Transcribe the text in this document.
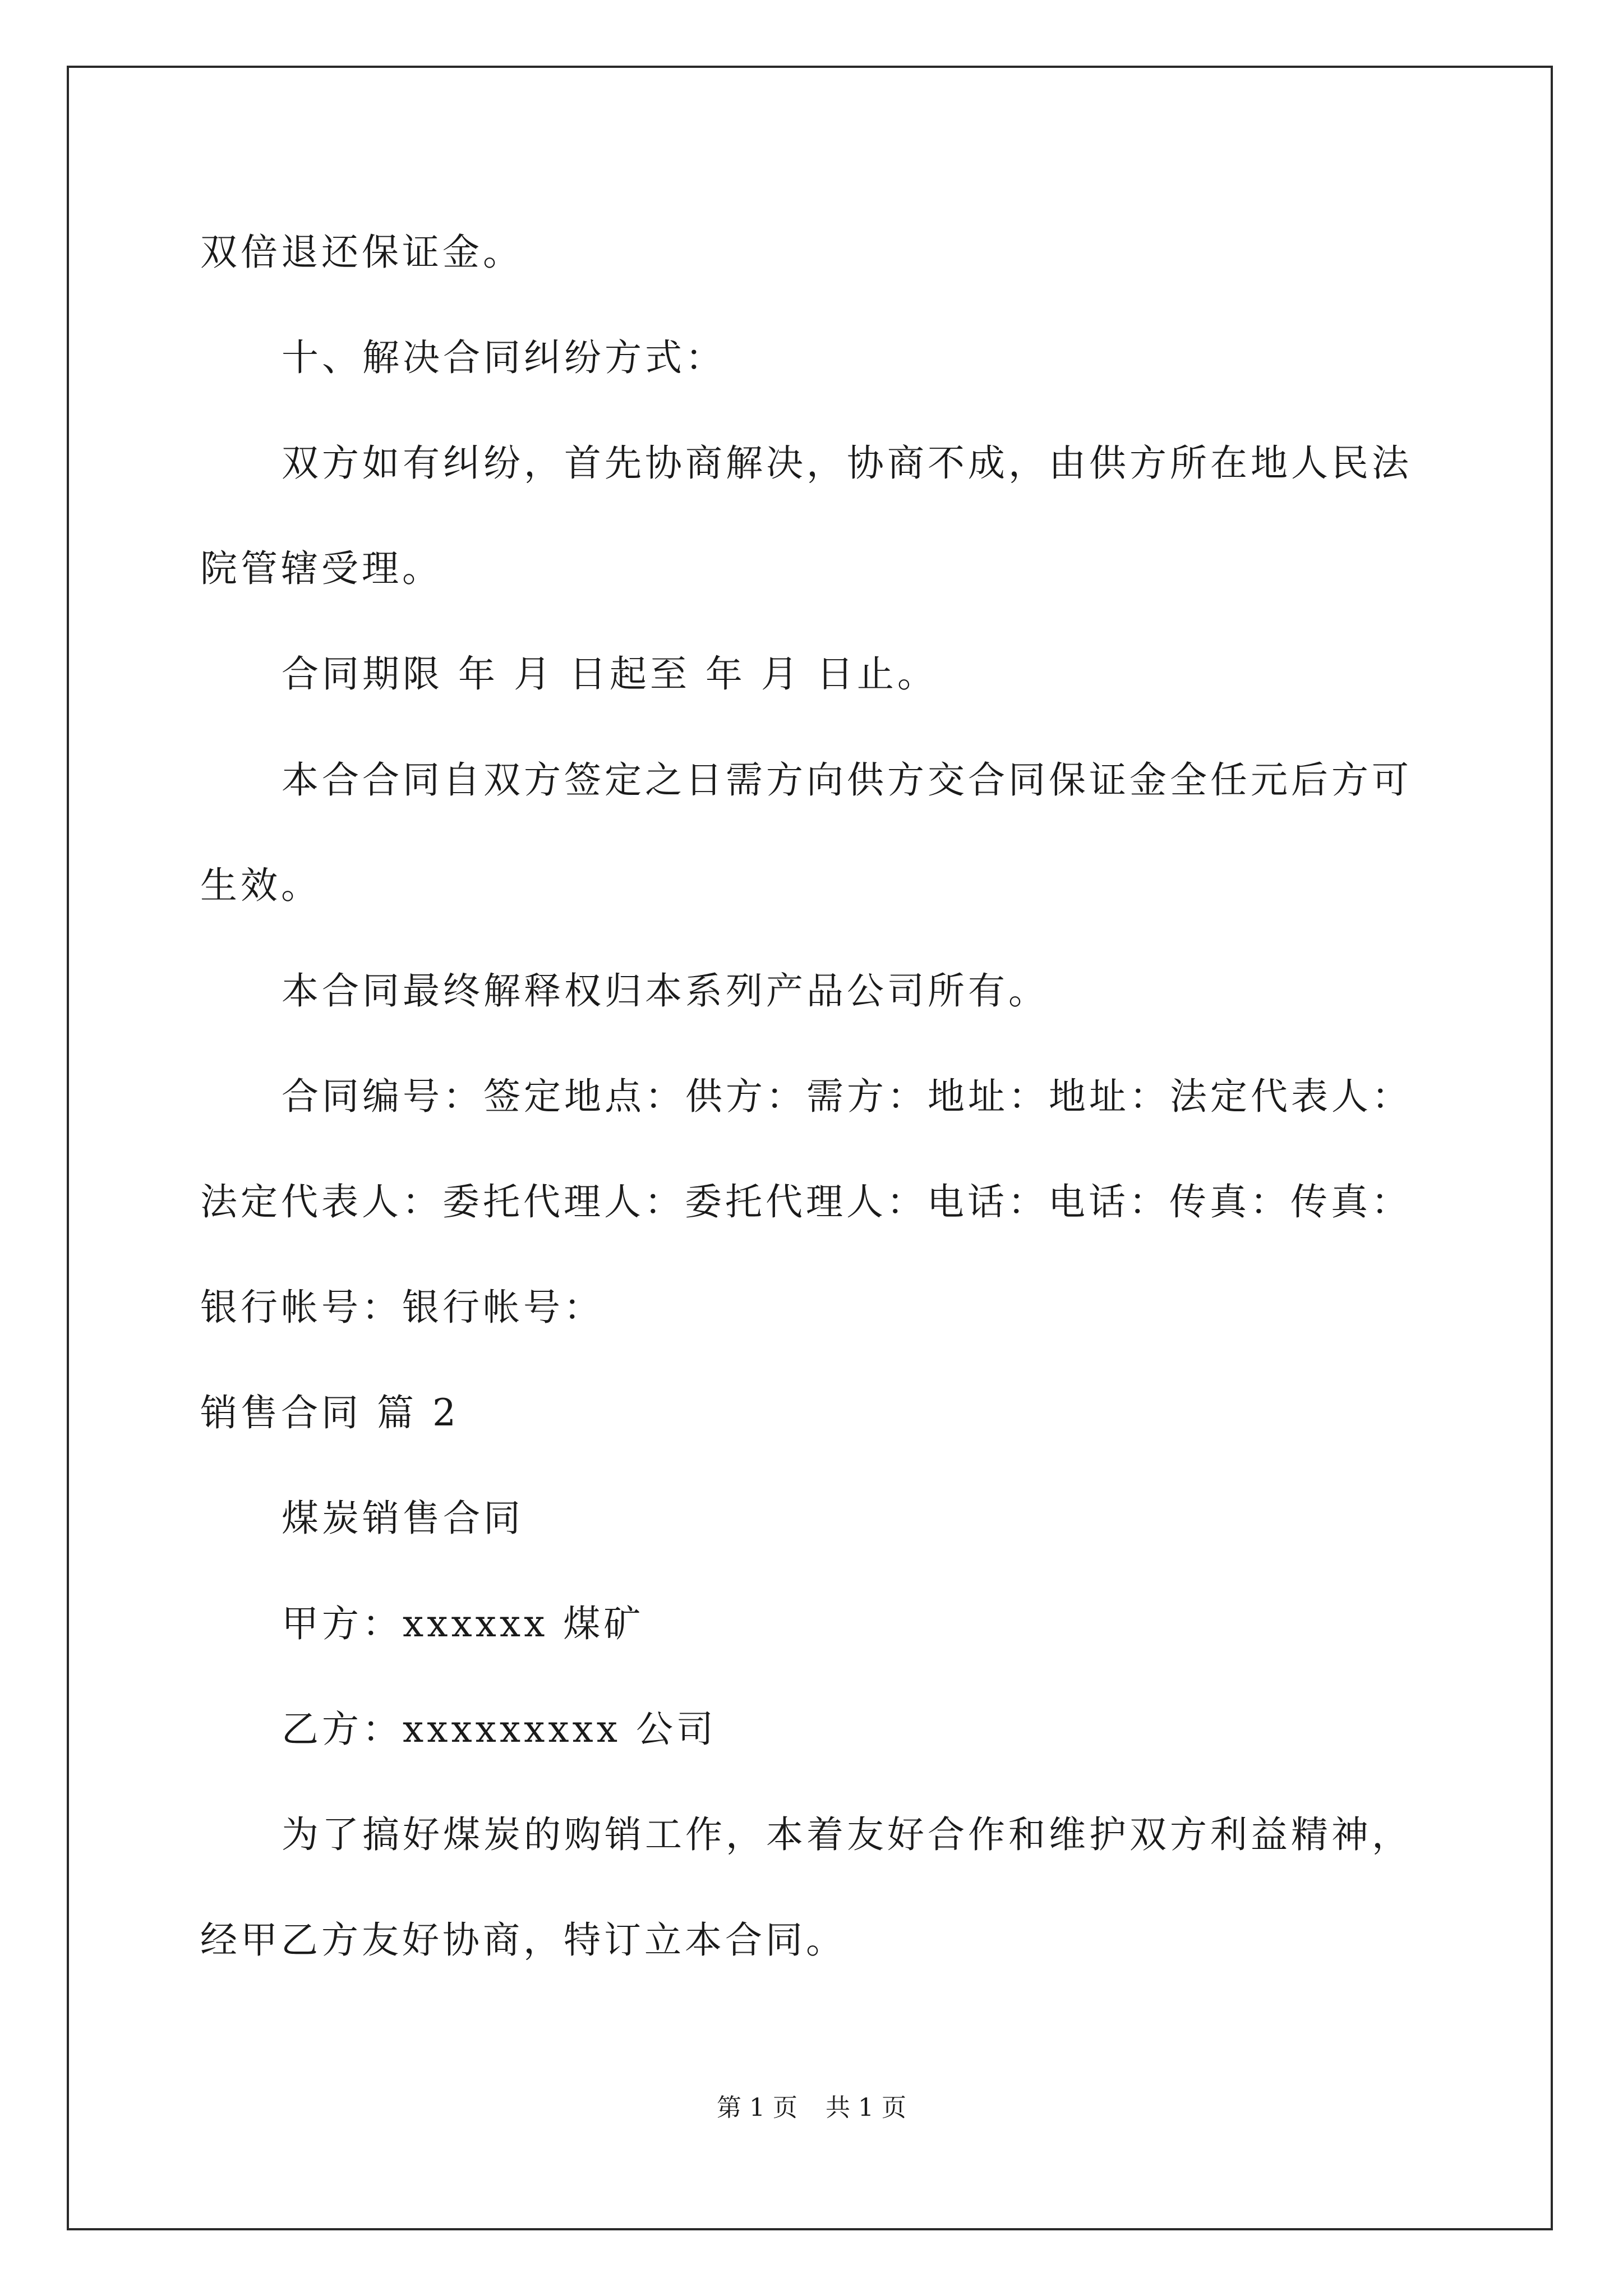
双倍退还保证金。
十、解决合同纠纷方式：
双方如有纠纷，首先协商解决，协商不成，由供方所在地人民法
院管辖受理。
合同期限 年 月 日起至 年 月 日止。
本合合同自双方签定之日需方向供方交合同保证金全任元后方可
生效。
本合同最终解释权归本系列产品公司所有。
合同编号：签定地点：供方：需方：地址：地址：法定代表人：
法定代表人：委托代理人：委托代理人：电话：电话：传真：传真：
银行帐号：银行帐号：
销售合同 篇 2
煤炭销售合同
甲方：xxxxxx 煤矿
乙方：xxxxxxxxx 公司
为了搞好煤炭的购销工作，本着友好合作和维护双方利益精神，
经甲乙方友好协商，特订立本合同。
第 1 页 共 1 页
